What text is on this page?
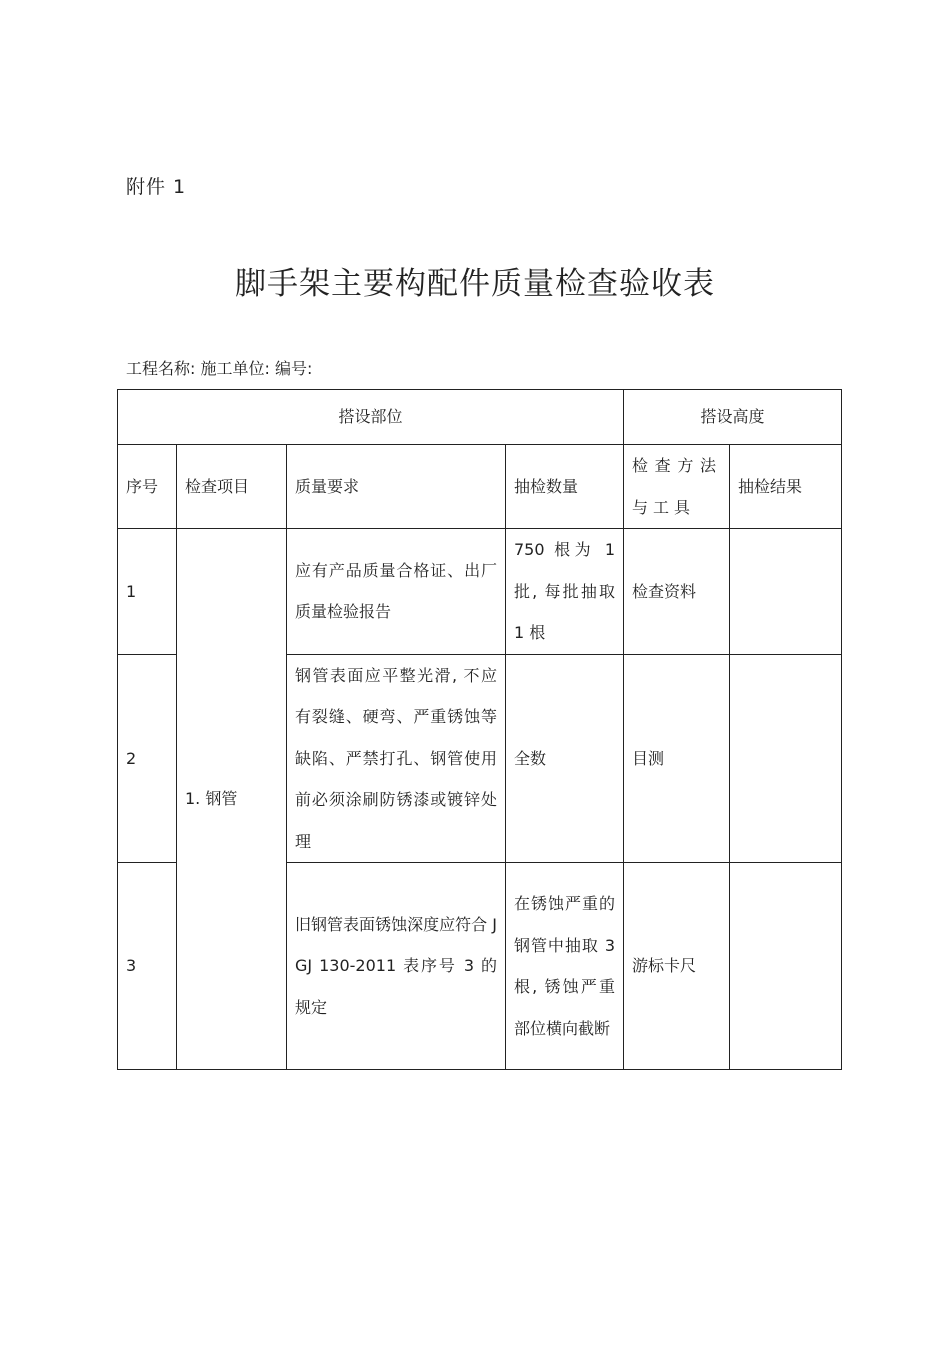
附件 1
脚手架主要构配件质量检查验收表
工程名称: 施工单位: 编号:
搭设部位				搭设高度	
序号	检查项目	质量要求	抽检数量	检查方法与工具	抽检结果
1	1. 钢管	应有产品质量合格证、出厂质量检验报告	750 根为 1 批, 每批抽取 1 根	检查资料	
2		钢管表面应平整光滑, 不应有裂缝、硬弯、严重锈蚀等缺陷、严禁打孔、钢管使用前必须涂刷防锈漆或镀锌处理	全数	目测	
3		旧钢管表面锈蚀深度应符合 JGJ 130-2011 表序号 3 的规定	在锈蚀严重的钢管中抽取 3 根, 锈蚀严重部位横向截断	游标卡尺	
